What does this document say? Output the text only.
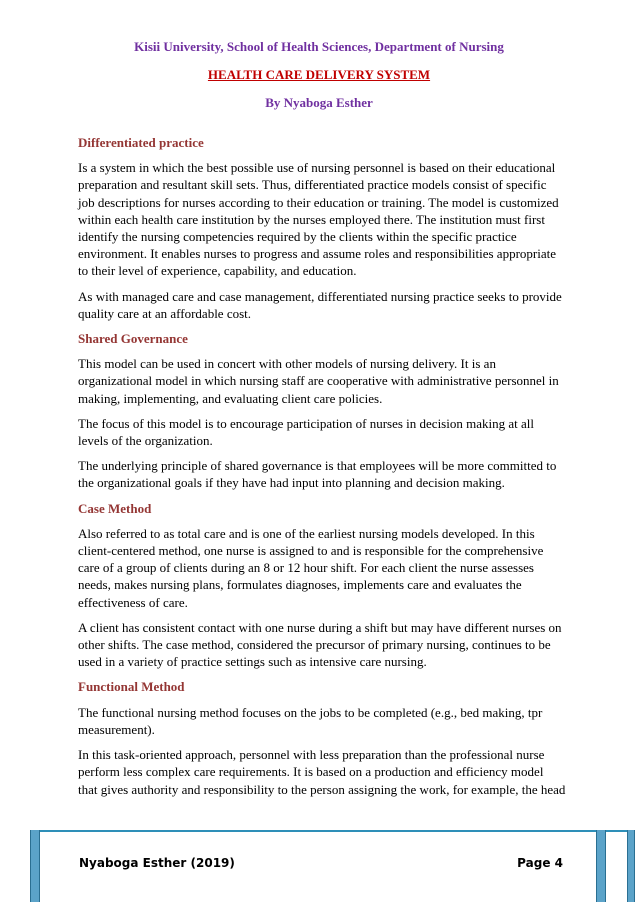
Kisii University, School of Health Sciences, Department of Nursing
HEALTH CARE DELIVERY SYSTEM
By Nyaboga Esther
Differentiated practice

Is a system in which the best possible use of nursing personnel is based on their educational preparation and resultant skill sets. Thus, differentiated practice models consist of specific job descriptions for nurses according to their education or training. The model is customized within each health care institution by the nurses employed there. The institution must first identify the nursing competencies required by the clients within the specific practice environment. It enables nurses to progress and assume roles and responsibilities appropriate to their level of experience, capability, and education.

As with managed care and case management, differentiated nursing practice seeks to provide quality care at an affordable cost.

Shared Governance

This model can be used in concert with other models of nursing delivery. It is an organizational model in which nursing staff are cooperative with administrative personnel in making, implementing, and evaluating client care policies.

The focus of this model is to encourage participation of nurses in decision making at all levels of the organization.

The underlying principle of shared governance is that employees will be more committed to the organizational goals if they have had input into planning and decision making.

Case Method

Also referred to as total care and is one of the earliest nursing models developed. In this client-centered method, one nurse is assigned to and is responsible for the comprehensive care of a group of clients during an 8 or 12 hour shift. For each client the nurse assesses needs, makes nursing plans, formulates diagnoses, implements care and evaluates the effectiveness of care.

A client has consistent contact with one nurse during a shift but may have different nurses on other shifts. The case method, considered the precursor of primary nursing, continues to be used in a variety of practice settings such as intensive care nursing.

Functional Method

The functional nursing method focuses on the jobs to be completed (e.g., bed making, tpr measurement).

In this task-oriented approach, personnel with less preparation than the professional nurse perform less complex care requirements. It is based on a production and efficiency model that gives authority and responsibility to the person assigning the work, for example, the head

Nyaboga Esther (2019)	Page 4
